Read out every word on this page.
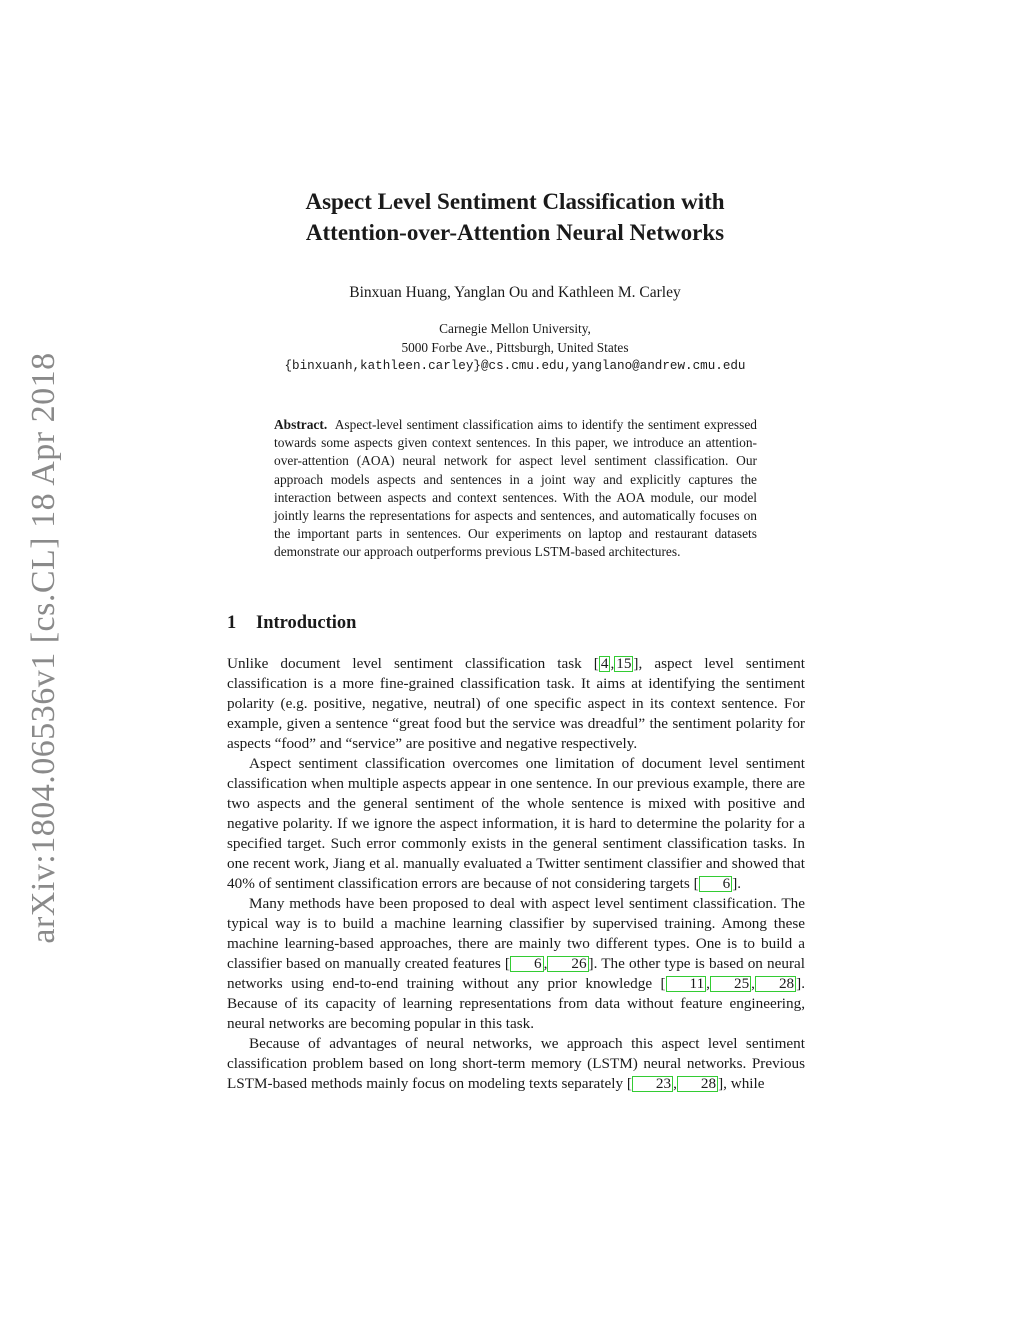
arXiv:1804.06536v1 [cs.CL] 18 Apr 2018
Aspect Level Sentiment Classification with
Attention-over-Attention Neural Networks
Binxuan Huang, Yanglan Ou and Kathleen M. Carley
Carnegie Mellon University,
5000 Forbe Ave., Pittsburgh, United States
{binxuanh,kathleen.carley}@cs.cmu.edu,yanglano@andrew.cmu.edu
Abstract. Aspect-level sentiment classification aims to identify the sentiment expressed towards some aspects given context sentences. In this paper, we introduce an attention-over-attention (AOA) neural network for aspect level sentiment classification. Our approach models aspects and sentences in a joint way and explicitly captures the interaction between aspects and context sentences. With the AOA module, our model jointly learns the representations for aspects and sentences, and automatically focuses on the important parts in sentences. Our experiments on laptop and restaurant datasets demonstrate our approach outperforms previous LSTM-based architectures.
1 Introduction

Unlike document level sentiment classification task [ 4 , 15 ], aspect level sentiment classification is a more fine-grained classification task. It aims at identifying the sentiment polarity (e.g. positive, negative, neutral) of one specific aspect in its context sentence. For example, given a sentence “great food but the service was dreadful” the sentiment polarity for aspects “food” and “service” are positive and negative respectively.

Aspect sentiment classification overcomes one limitation of document level sentiment classification when multiple aspects appear in one sentence. In our previous example, there are two aspects and the general sentiment of the whole sentence is mixed with positive and negative polarity. If we ignore the aspect information, it is hard to determine the polarity for a specified target. Such error commonly exists in the general sentiment classification tasks. In one recent work, Jiang et al. manually evaluated a Twitter sentiment classifier and showed that 40% of sentiment classification errors are because of not considering targets [ 6 ].

Many methods have been proposed to deal with aspect level sentiment classification. The typical way is to build a machine learning classifier by supervised training. Among these machine learning-based approaches, there are mainly two different types. One is to build a classifier based on manually created features [ 6 , 26 ]. The other type is based on neural networks using end-to-end training without any prior knowledge [ 11 , 25 , 28 ]. Because of its capacity of learning representations from data without feature engineering, neural networks are becoming popular in this task.

Because of advantages of neural networks, we approach this aspect level sentiment classification problem based on long short-term memory (LSTM) neural networks. Previous LSTM-based methods mainly focus on modeling texts separately [ 23 , 28 ], while
